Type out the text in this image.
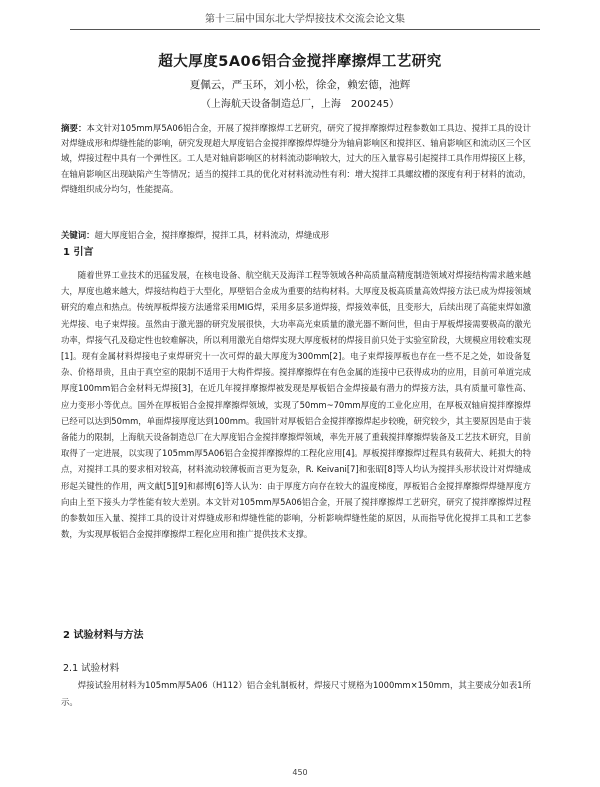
第十三届中国东北大学焊接技术交流会论文集
超大厚度5A06铝合金搅拌摩擦焊工艺研究
夏佩云，严玉环，刘小松，徐金，赖宏德，池辉
（上海航天设备制造总厂，上海　200245）
摘要：本文针对105mm厚5A06铝合金，开展了搅拌摩擦焊工艺研究，研究了搅拌摩擦焊过程参数如工具边、搅拌工具的设计对焊缝成形和焊缝性能的影响，研究发现超大厚度铝合金搅拌摩擦焊焊缝分为轴肩影响区和搅拌区、轴肩影响区和流动区三个区域，焊接过程中具有一个弹性区。工人是对轴肩影响区的材料流动影响较大，过大的压入量容易引起搅拌工具作用焊接区上移，在轴肩影响区出现缺陷产生等情况；适当的搅拌工具的优化对材料流动性有利：增大搅拌工具螺纹槽的深度有利于材料的流动，焊缝组织成分均匀，性能提高。
关键词：超大厚度铝合金，搅拌摩擦焊，搅拌工具，材料流动，焊缝成形
1 引言

随着世界工业技术的迅猛发展，在核电设备、航空航天及海洋工程等领域各种高质量高精度制造领域对焊接结构需求越来越大，厚度也越来越大，焊接结构趋于大型化，厚壁铝合金成为重要的结构材料。大厚度及板高质量高效焊接方法已成为焊接领域研究的难点和热点。传统厚板焊接方法通常采用MIG焊，采用多层多道焊接，焊接效率低，且变形大，后续出现了高能束焊如激光焊接、电子束焊接。虽然由于激光器的研究发展很快，大功率高光束质量的激光器不断问世，但由于厚板焊接需要极高的激光功率，焊接气孔及稳定性也较难解决，所以利用激光自熔焊实现大厚度板材的焊接目前只处于实验室阶段，大规模应用较难实现[1]。现有金属材料焊接电子束焊研究十一次可焊的最大厚度为300mm[2]。电子束焊接厚板也存在一些不足之处，如设备复杂、价格昂贵，且由于真空室的限制不适用于大构件焊接。搅拌摩擦焊在有色金属的连接中已获得成功的应用，目前可单道完成厚度100mm铝合金材料无焊接[3]，在近几年搅拌摩擦焊被发现是厚板铝合金焊接最有潜力的焊接方法，具有质量可靠性高、应力变形小等优点。国外在厚板铝合金搅拌摩擦焊领域，实现了50mm~70mm厚度的工业化应用，在厚板双轴肩搅拌摩擦焊已经可以达到50mm，单面焊接厚度达到100mm。我国针对厚板铝合金搅拌摩擦焊起步较晚，研究较少，其主要原因是由于装备能力的限制，上海航天设备制造总厂在大厚度铝合金搅拌摩擦焊领域，率先开展了重载搅拌摩擦焊装备及工艺技术研究，目前取得了一定进展，以实现了105mm厚5A06铝合金搅拌摩擦焊的工程化应用[4]。厚板搅拌摩擦焊过程具有载荷大、耗损大的特点，对搅拌工具的要求相对较高，材料流动较薄板而言更为复杂，R. Keivani[7]和张昭[8]等人均认为搅拌头形状设计对焊缝成形起关键性的作用，两文献[5][9]和郝博[6]等人认为：由于厚度方向存在较大的温度梯度，厚板铝合金搅拌摩擦焊焊缝厚度方向由上至下接头力学性能有较大差别。本文针对105mm厚5A06铝合金，开展了搅拌摩擦焊工艺研究，研究了搅拌摩擦焊过程的参数如压入量、搅拌工具的设计对焊缝成形和焊缝性能的影响，分析影响焊缝性能的原因，从而指导优化搅拌工具和工艺参数，为实现厚板铝合金搅拌摩擦焊工程化应用和推广提供技术支撑。

2 试验材料与方法
2.1 试验材料

焊接试验用材料为105mm厚5A06（H112）铝合金轧制板材，焊接尺寸规格为1000mm×150mm，其主要成分如表1所示。

450
